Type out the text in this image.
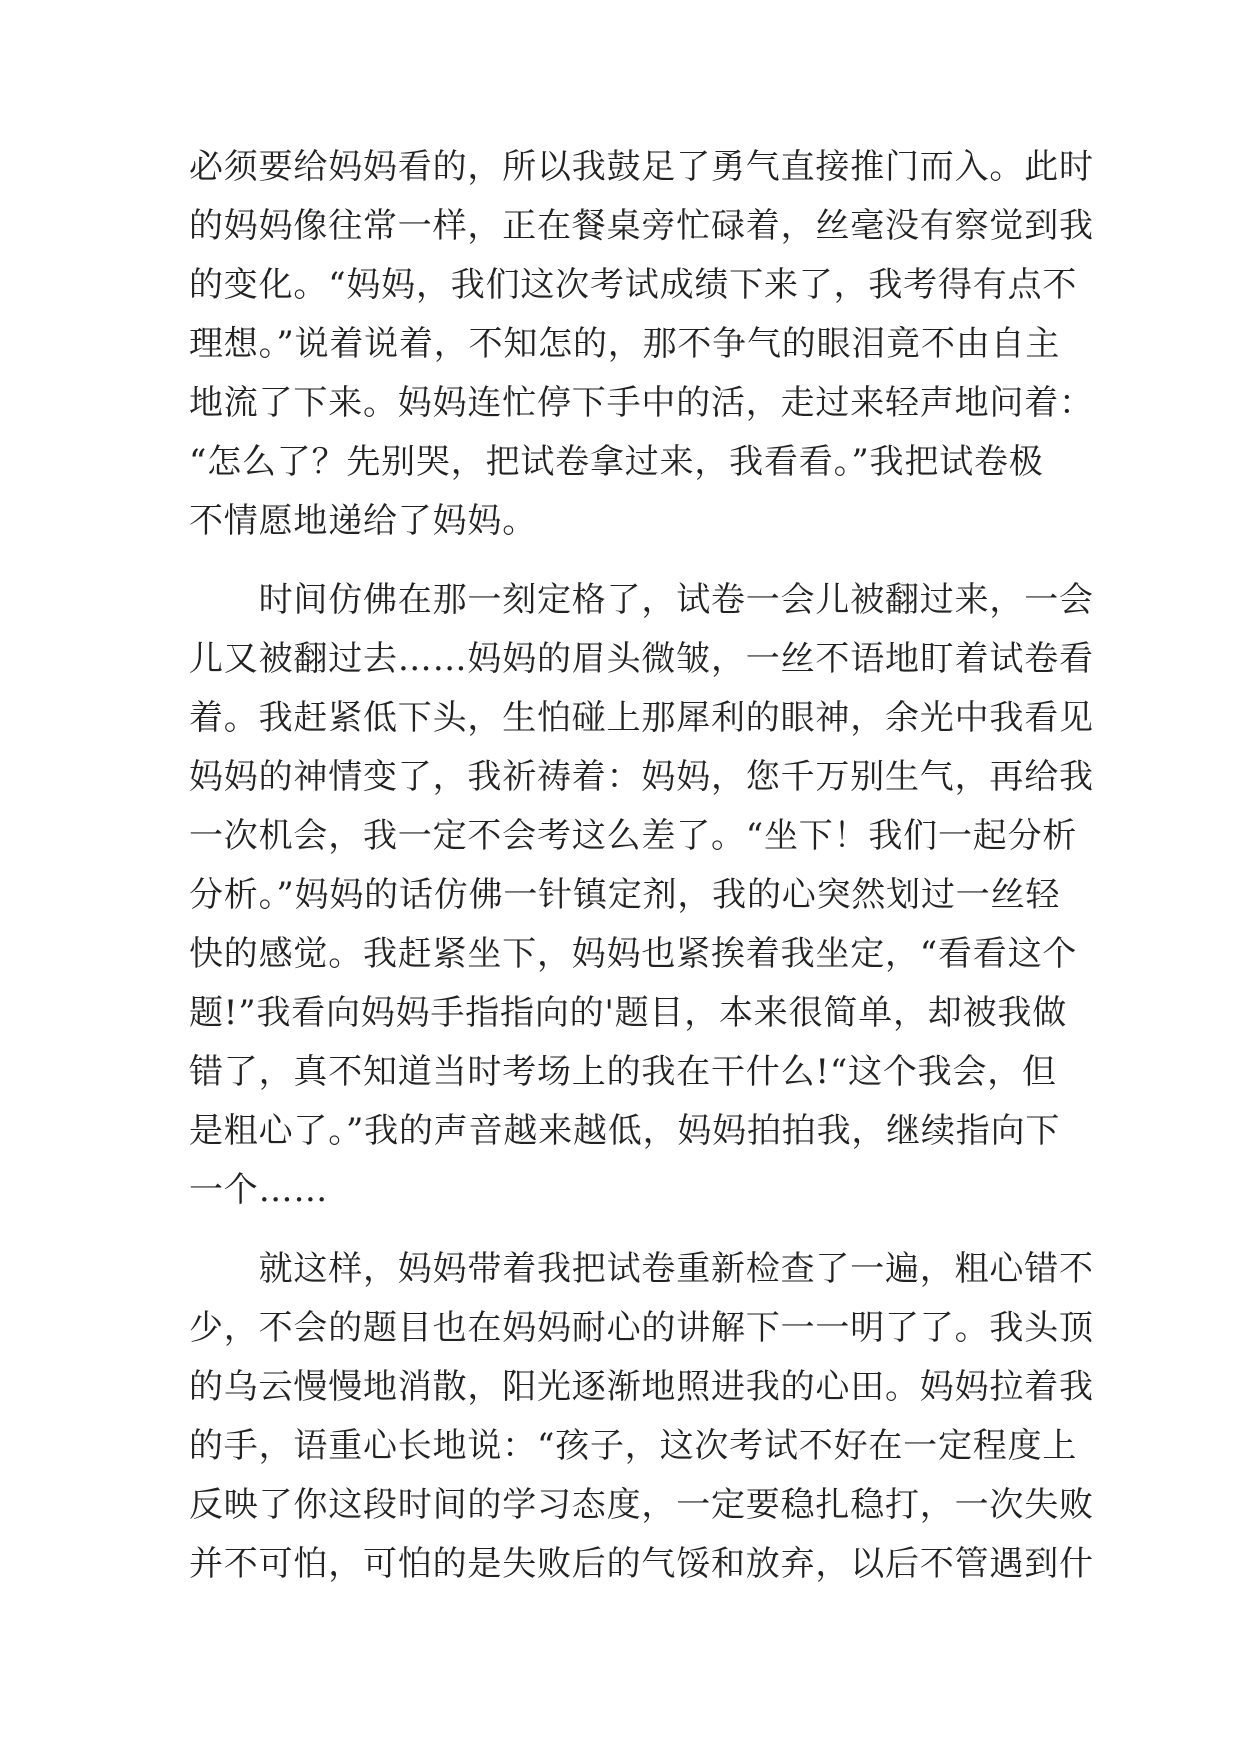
必须要给妈妈看的，所以我鼓足了勇气直接推门而入。此时

的妈妈像往常一样，正在餐桌旁忙碌着，丝毫没有察觉到我

的变化。“妈妈，我们这次考试成绩下来了，我考得有点不

理想。”说着说着，不知怎的，那不争气的眼泪竟不由自主

地流了下来。妈妈连忙停下手中的活，走过来轻声地问着：

“怎么了？先别哭，把试卷拿过来，我看看。”我把试卷极

不情愿地递给了妈妈。

　　时间仿佛在那一刻定格了，试卷一会儿被翻过来，一会

儿又被翻过去……妈妈的眉头微皱，一丝不语地盯着试卷看

着。我赶紧低下头，生怕碰上那犀利的眼神，余光中我看见

妈妈的神情变了，我祈祷着：妈妈，您千万别生气，再给我

一次机会，我一定不会考这么差了。“坐下！我们一起分析

分析。”妈妈的话仿佛一针镇定剂，我的心突然划过一丝轻

快的感觉。我赶紧坐下，妈妈也紧挨着我坐定，“看看这个

题!”我看向妈妈手指指向的'题目，本来很简单，却被我做

错了，真不知道当时考场上的我在干什么!“这个我会，但

是粗心了。”我的声音越来越低，妈妈拍拍我，继续指向下

一个……

　　就这样，妈妈带着我把试卷重新检查了一遍，粗心错不

少，不会的题目也在妈妈耐心的讲解下一一明了了。我头顶

的乌云慢慢地消散，阳光逐渐地照进我的心田。妈妈拉着我

的手，语重心长地说：“孩子，这次考试不好在一定程度上

反映了你这段时间的学习态度，一定要稳扎稳打，一次失败

并不可怕，可怕的是失败后的气馁和放弃，以后不管遇到什
